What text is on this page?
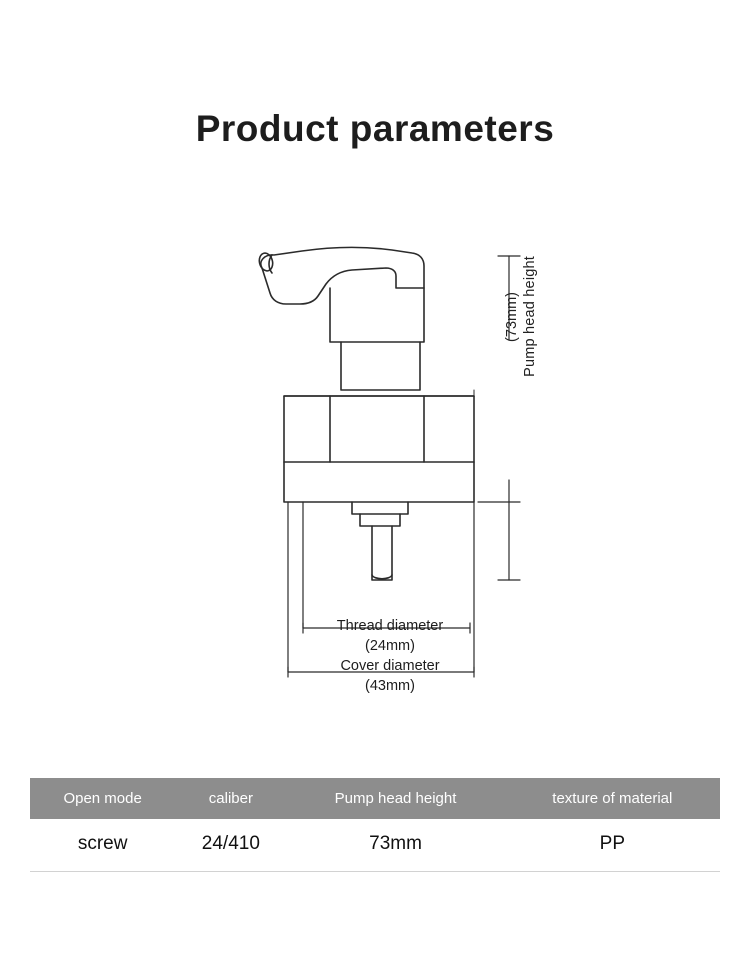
Product parameters
Thread diameter
(24mm)
Cover diameter
(43mm)
Pump head height
(73mm)
Open mode	caliber	Pump head height	texture of material
screw	24/410	73mm	PP
